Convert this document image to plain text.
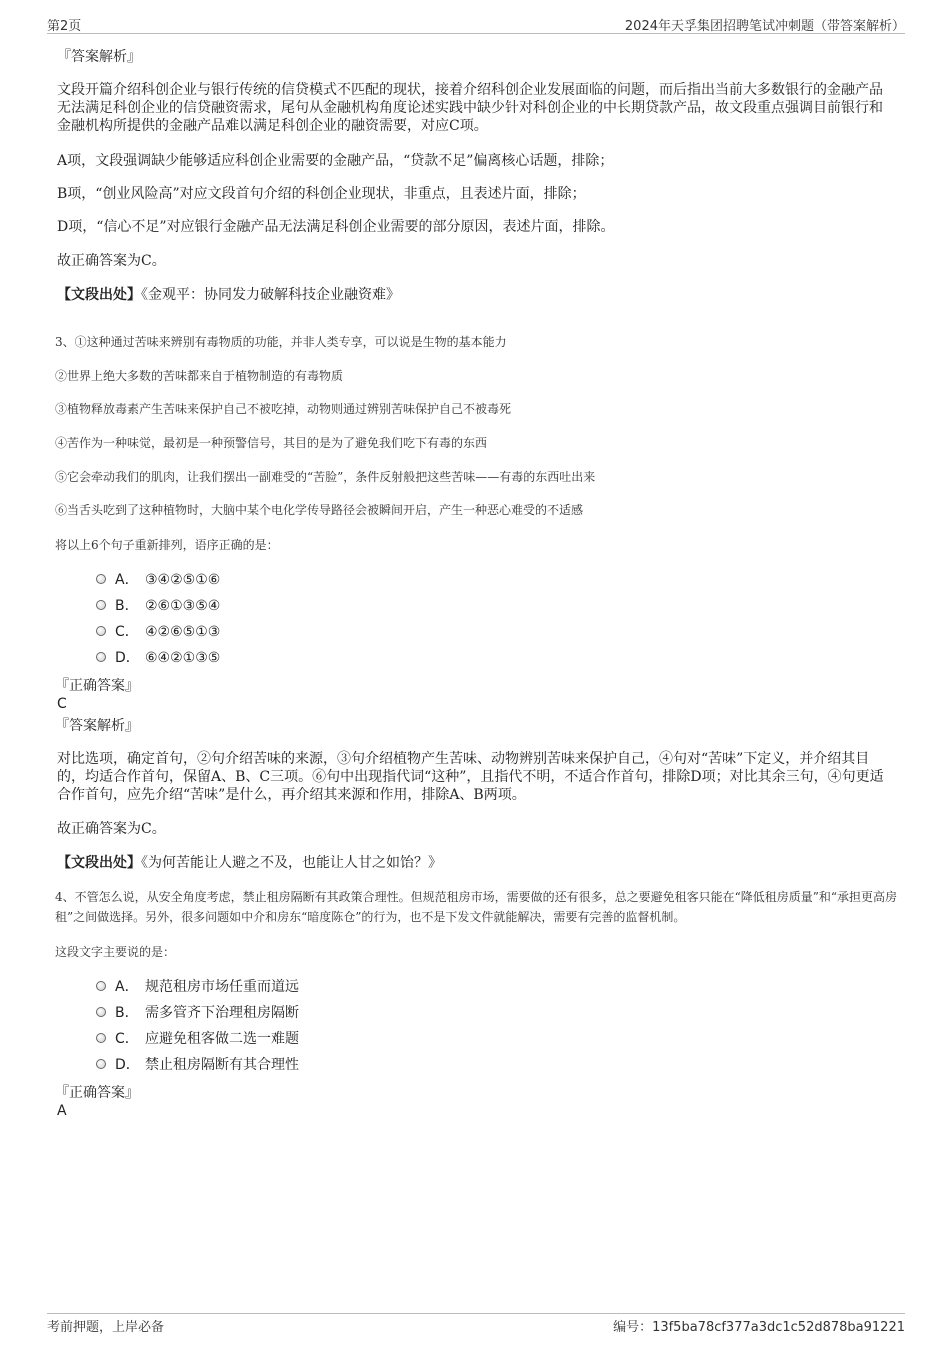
第2页	2024年天孚集团招聘笔试冲刺题（带答案解析）
『答案解析』
文段开篇介绍科创企业与银行传统的信贷模式不匹配的现状，接着介绍科创企业发展面临的问题，而后指出当前大多数银行的金融产品无法满足科创企业的信贷融资需求，尾句从金融机构角度论述实践中缺少针对科创企业的中长期贷款产品，故文段重点强调目前银行和金融机构所提供的金融产品难以满足科创企业的融资需要，对应C项。
A项，文段强调缺少能够适应科创企业需要的金融产品，“贷款不足”偏离核心话题，排除；
B项，“创业风险高”对应文段首句介绍的科创企业现状，非重点，且表述片面，排除；
D项，“信心不足”对应银行金融产品无法满足科创企业需要的部分原因，表述片面，排除。
故正确答案为C。
【文段出处】《金观平：协同发力破解科技企业融资难》
3、①这种通过苦味来辨别有毒物质的功能，并非人类专享，可以说是生物的基本能力
②世界上绝大多数的苦味都来自于植物制造的有毒物质
③植物释放毒素产生苦味来保护自己不被吃掉，动物则通过辨别苦味保护自己不被毒死
④苦作为一种味觉，最初是一种预警信号，其目的是为了避免我们吃下有毒的东西
⑤它会牵动我们的肌肉，让我们摆出一副难受的“苦脸”，条件反射般把这些苦味——有毒的东西吐出来
⑥当舌头吃到了这种植物时，大脑中某个电化学传导路径会被瞬间开启，产生一种恶心难受的不适感
将以上6个句子重新排列，语序正确的是：
A． ③④②⑤①⑥
B． ②⑥①③⑤④
C． ④②⑥⑤①③
D． ⑥④②①③⑤
『正确答案』
C
『答案解析』
对比选项，确定首句，②句介绍苦味的来源，③句介绍植物产生苦味、动物辨别苦味来保护自己，④句对“苦味”下定义，并介绍其目的，均适合作首句，保留A、B、C三项。⑥句中出现指代词“这种”，且指代不明，不适合作首句，排除D项；对比其余三句，④句更适合作首句，应先介绍“苦味”是什么，再介绍其来源和作用，排除A、B两项。
故正确答案为C。
【文段出处】《为何苦能让人避之不及，也能让人甘之如饴？》
4、不管怎么说，从安全角度考虑，禁止租房隔断有其政策合理性。但规范租房市场，需要做的还有很多，总之要避免租客只能在“降低租房质量”和“承担更高房租”之间做选择。另外，很多问题如中介和房东“暗度陈仓”的行为，也不是下发文件就能解决，需要有完善的监督机制。
这段文字主要说的是：
A． 规范租房市场任重而道远
B． 需多管齐下治理租房隔断
C． 应避免租客做二选一难题
D． 禁止租房隔断有其合理性
『正确答案』
A
考前押题，上岸必备	编号：13f5ba78cf377a3dc1c52d878ba91221
